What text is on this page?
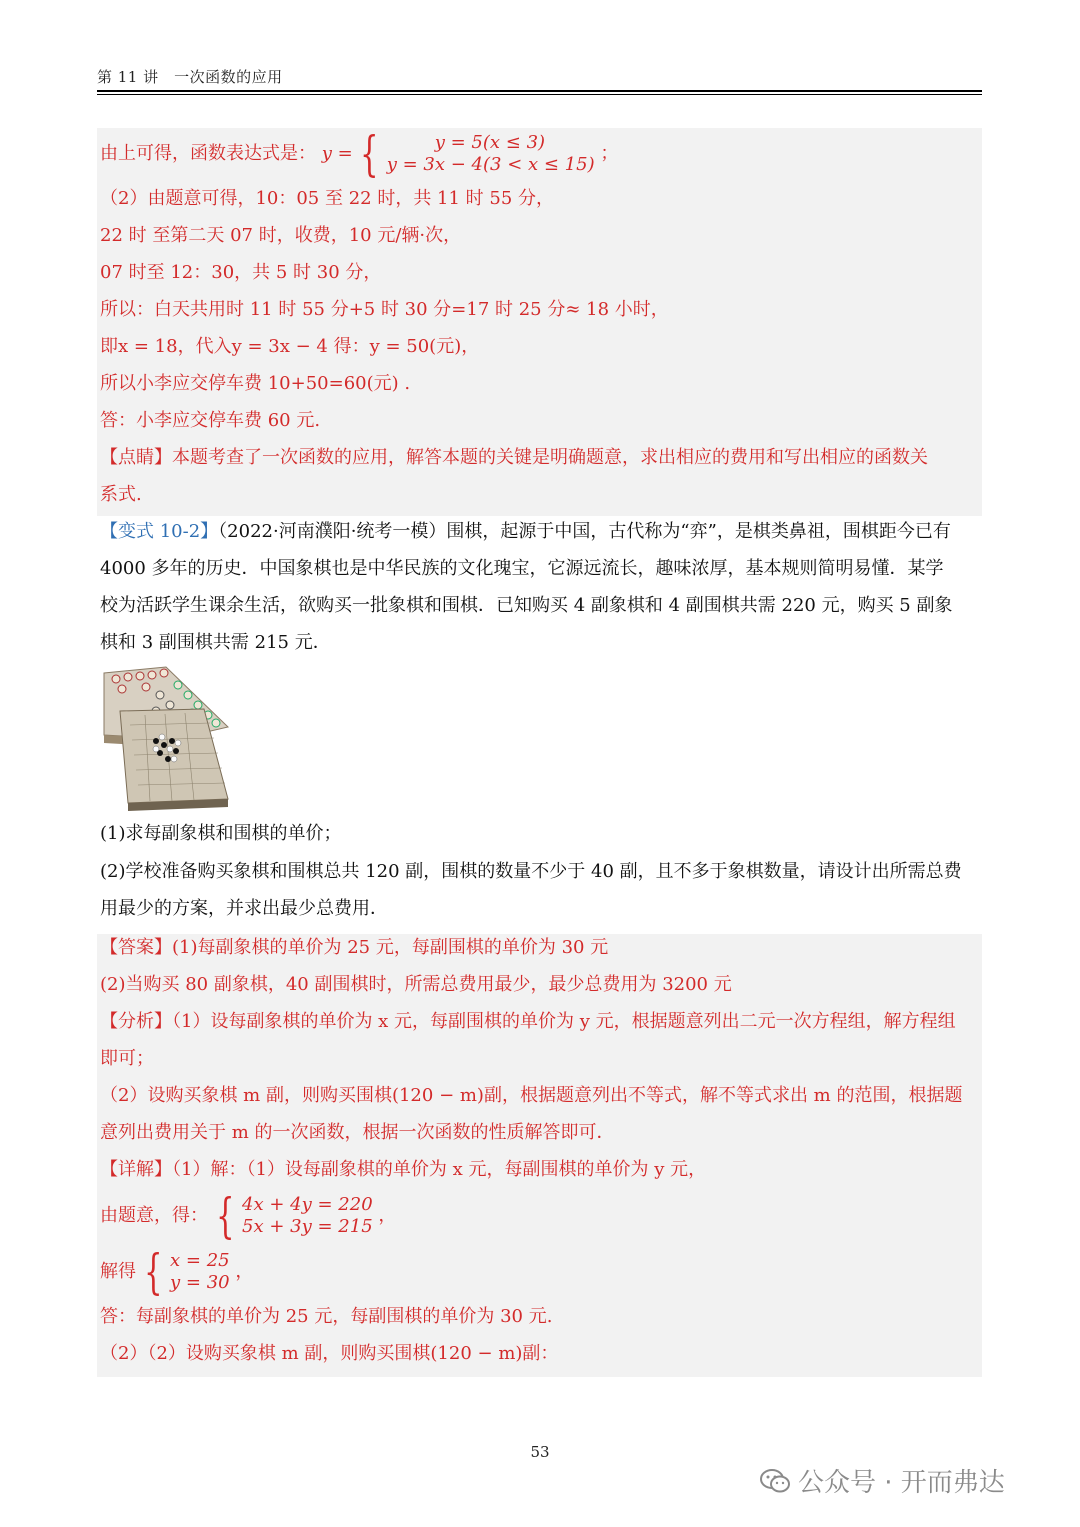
第 11 讲　一次函数的应用
由上可得，函数表达式是： y = {	y = 5(x ≤ 3)
y = 3x − 4(3 < x ≤ 15)
；
（2）由题意可得，10：05 至 22 时，共 11 时 55 分，
22 时 至第二天 07 时，收费，10 元/辆·次，
07 时至 12：30，共 5 时 30 分，
所以：白天共用时 11 时 55 分+5 时 30 分=17 时 25 分≈ 18 小时，
即x = 18，代入y = 3x − 4 得：y = 50(元)，
所以小李应交停车费 10+50=60(元) .
答：小李应交停车费 60 元.
【点睛】本题考查了一次函数的应用，解答本题的关键是明确题意，求出相应的费用和写出相应的函数关
系式.
【变式 10-2】（2022·河南濮阳·统考一模）围棋，起源于中国，古代称为“弈”，是棋类鼻祖，围棋距今已有
4000 多年的历史．中国象棋也是中华民族的文化瑰宝，它源远流长，趣味浓厚，基本规则简明易懂．某学
校为活跃学生课余生活，欲购买一批象棋和围棋．已知购买 4 副象棋和 4 副围棋共需 220 元，购买 5 副象
棋和 3 副围棋共需 215 元．
(1)求每副象棋和围棋的单价；
(2)学校准备购买象棋和围棋总共 120 副，围棋的数量不少于 40 副，且不多于象棋数量，请设计出所需总费
用最少的方案，并求出最少总费用．
【答案】(1)每副象棋的单价为 25 元，每副围棋的单价为 30 元
(2)当购买 80 副象棋，40 副围棋时，所需总费用最少，最少总费用为 3200 元
【分析】（1）设每副象棋的单价为 x 元，每副围棋的单价为 y 元，根据题意列出二元一次方程组，解方程组
即可；
（2）设购买象棋 m 副，则购买围棋(120 − m)副，根据题意列出不等式，解不等式求出 m 的范围，根据题
意列出费用关于 m 的一次函数，根据一次函数的性质解答即可．
【详解】（1）解：（1）设每副象棋的单价为 x 元，每副围棋的单价为 y 元，
由题意，得： { 4x + 4y = 220
5x + 3y = 215
，
解得 { x = 25
y = 30
，
答：每副象棋的单价为 25 元，每副围棋的单价为 30 元.
（2）（2）设购买象棋 m 副，则购买围棋(120 − m)副：
53
公众号 · 开而弗达
